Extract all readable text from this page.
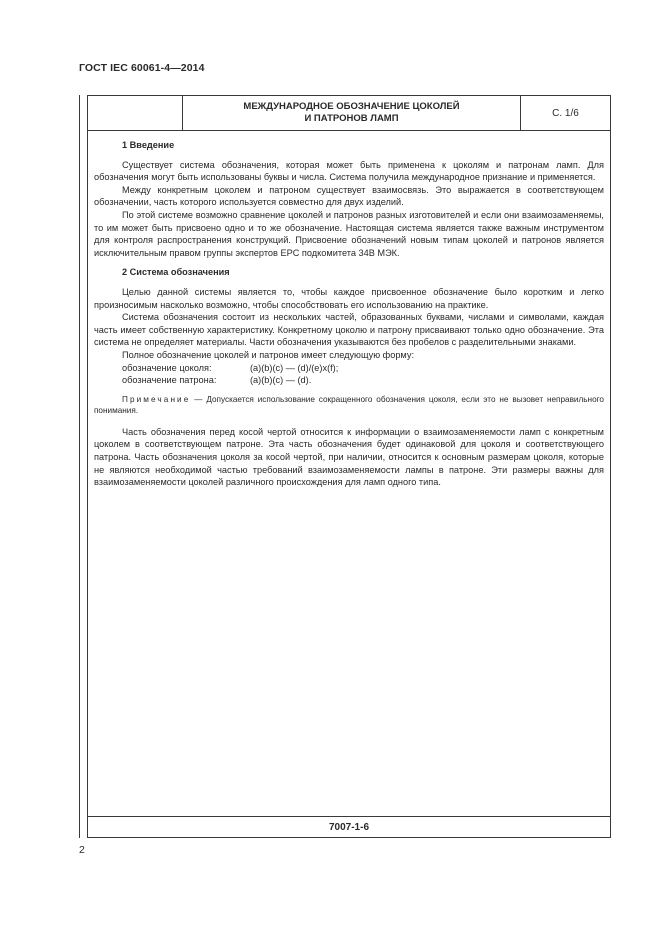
ГОСТ IEC 60061-4—2014
МЕЖДУНАРОДНОЕ ОБОЗНАЧЕНИЕ ЦОКОЛЕЙ
И ПАТРОНОВ ЛАМП	С. 1/6
1 Введение

Существует система обозначения, которая может быть применена к цоколям и патронам ламп. Для обозначения могут быть использованы буквы и числа. Система получила международное признание и применяется.

Между конкретным цоколем и патроном существует взаимосвязь. Это выражается в соответствующем обозначении, часть которого используется совместно для двух изделий.

По этой системе возможно сравнение цоколей и патронов разных изготовителей и если они взаимозаменяемы, то им может быть присвоено одно и то же обозначение. Настоящая система является также важным инструментом для контроля распространения конструкций. Присвоение обозначений новым типам цоколей и патронов является исключительным правом группы экспертов EPC подкомитета 34B МЭК.

2 Система обозначения

Целью данной системы является то, чтобы каждое присвоенное обозначение было коротким и легко произносимым насколько возможно, чтобы способствовать его использованию на практике.

Система обозначения состоит из нескольких частей, образованных буквами, числами и символами, каждая часть имеет собственную характеристику. Конкретному цоколю и патрону присваивают только одно обозначение. Эта система не определяет материалы. Части обозначения указываются без пробелов с разделительными знаками.

Полное обозначение цоколей и патронов имеет следующую форму:

обозначение цоколя:	(a)(b)(c) — (d)/(e)x(f);

обозначение патрона:	(a)(b)(c) — (d).

Примечание — Допускается использование сокращенного обозначения цоколя, если это не вызовет неправильного понимания.

Часть обозначения перед косой чертой относится к информации о взаимозаменяемости ламп с конкретным цоколем в соответствующем патроне. Эта часть обозначения будет одинаковой для цоколя и соответствующего патрона. Часть обозначения цоколя за косой чертой, при наличии, относится к основным размерам цоколя, которые не являются необходимой частью требований взаимозаменяемости лампы в патроне. Эти размеры важны для взаимозаменяемости цоколей различного происхождения для ламп одного типа.

7007-1-6
2
